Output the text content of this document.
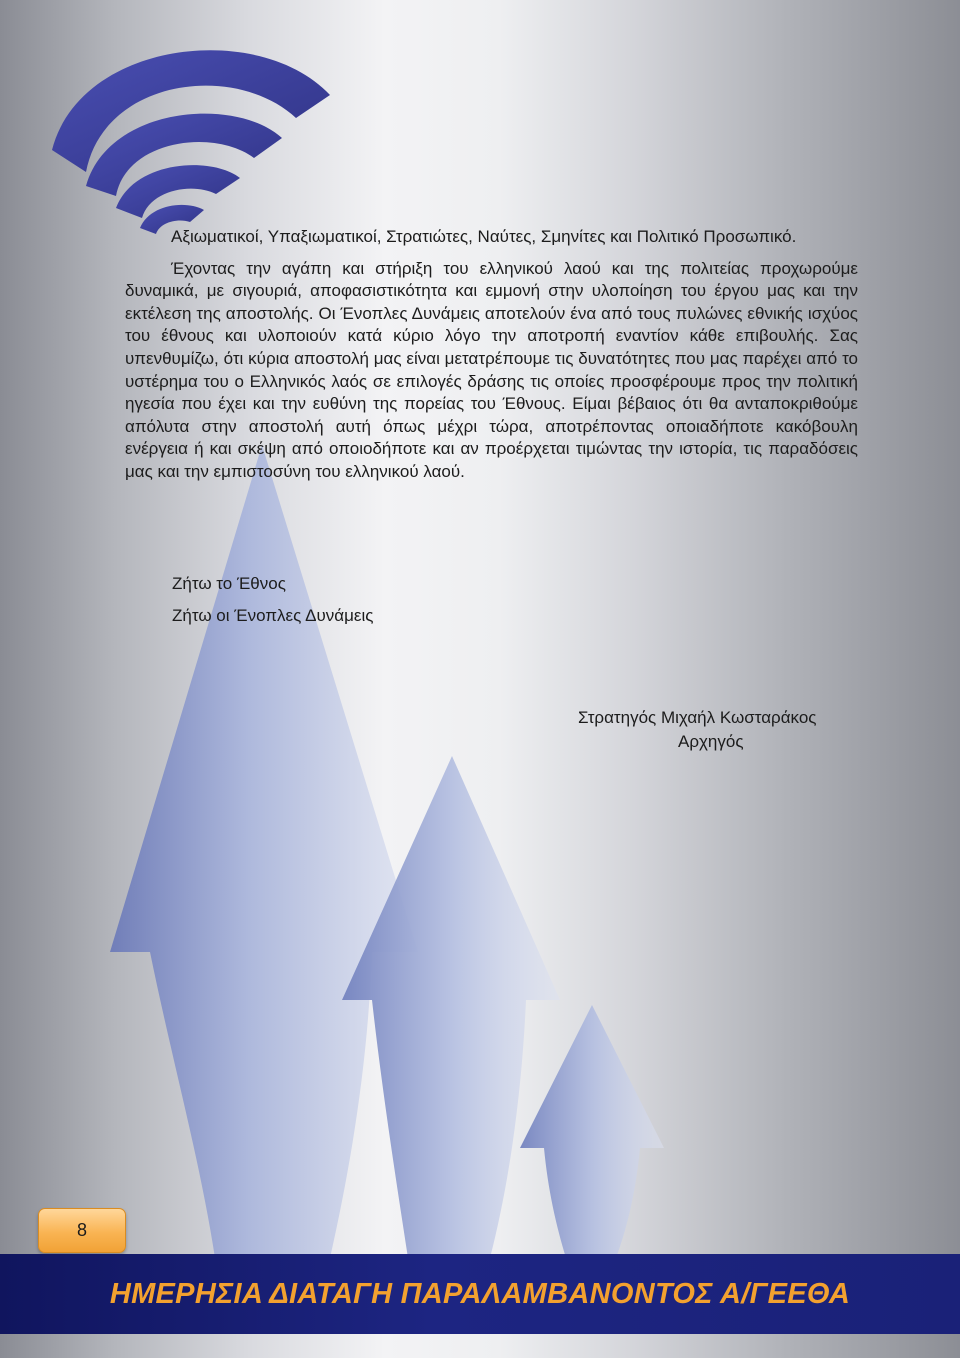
Αξιωματικοί, Υπαξιωματικοί, Στρατιώτες, Ναύτες, Σμηνίτες και Πολιτικό Προσωπικό.

Έχοντας την αγάπη και στήριξη του ελληνικού λαού και της πολιτείας προχωρούμε δυναμικά, με σιγουριά, αποφασιστικότητα και εμμονή στην υλοποίηση του έργου μας και την εκτέλεση της αποστολής. Οι Ένοπλες Δυνάμεις αποτελούν ένα από τους πυλώνες εθνικής ισχύος του έθνους και υλοποιούν κατά κύριο λόγο την αποτροπή εναντίον κάθε επιβουλής. Σας υπενθυμίζω, ότι κύρια αποστολή μας είναι μετατρέπουμε τις δυνατότητες που μας παρέχει από το υστέρημα του ο Ελληνικός λαός σε επιλογές δράσης τις οποίες προσφέρουμε προς την πολιτική ηγεσία που έχει και την ευθύνη της πορείας του Έθνους. Είμαι βέβαιος ότι θα ανταποκριθούμε απόλυτα στην αποστολή αυτή όπως μέχρι τώρα, αποτρέποντας οποιαδήποτε κακόβουλη ενέργεια ή και σκέψη από οποιοδήποτε και αν προέρχεται τιμώντας την ιστορία, τις παραδόσεις μας και την εμπιστοσύνη του ελληνικού λαού.

Ζήτω το Έθνος
Ζήτω οι Ένοπλες Δυνάμεις
Στρατηγός Μιχαήλ Κωσταράκος
Αρχηγός
8
ΗΜΕΡΗΣΙΑ ΔΙΑΤΑΓΗ ΠΑΡΑΛΑΜΒΑΝΟΝΤΟΣ Α/ΓΕΕΘΑ
